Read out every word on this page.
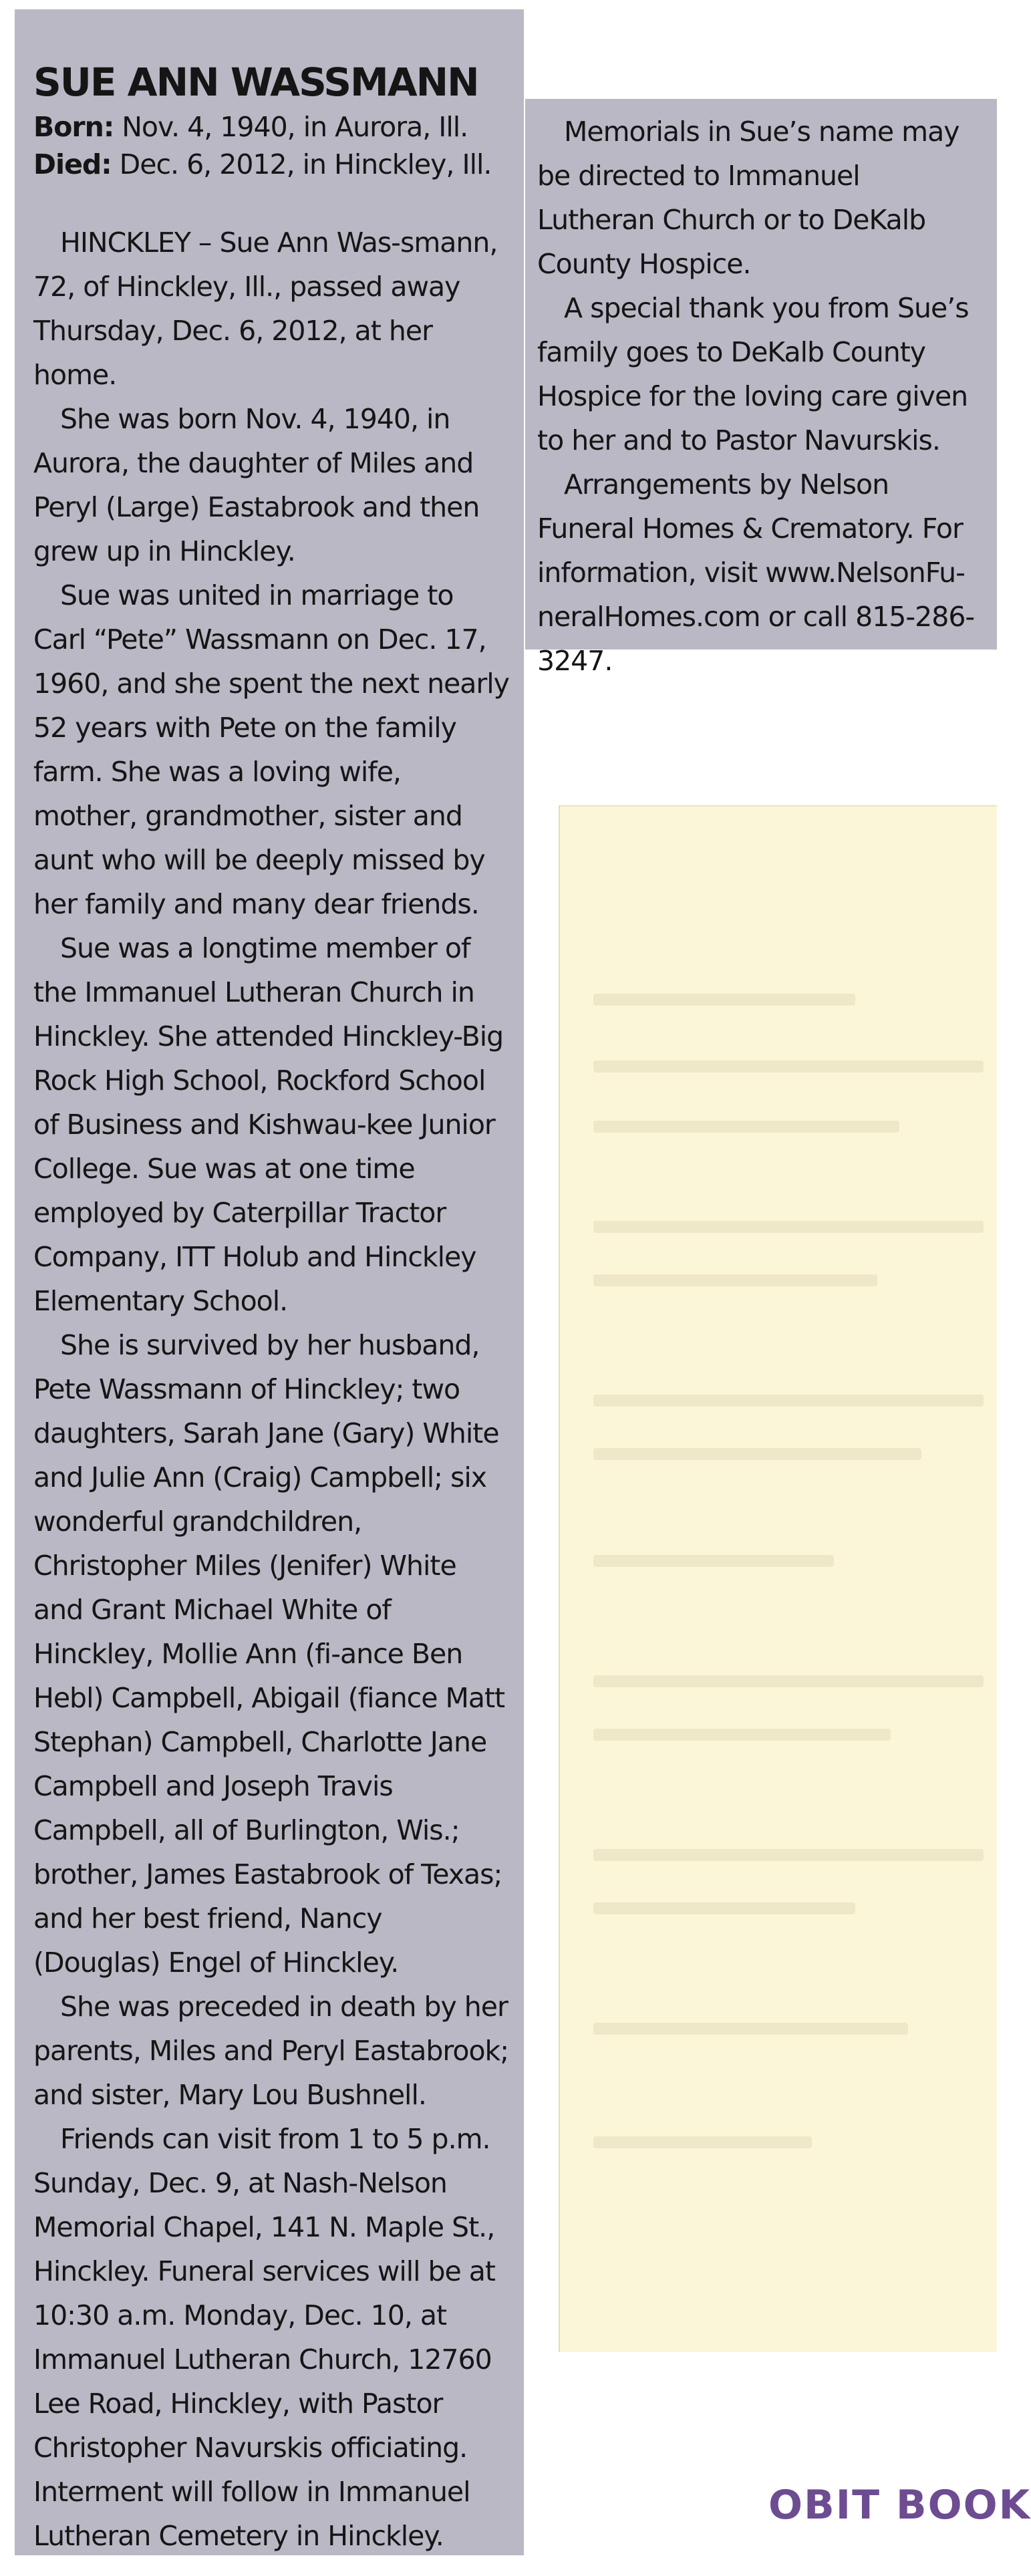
SUE ANN WASSMANN

Born: Nov. 4, 1940, in Aurora, Ill.

Died: Dec. 6, 2012, in Hinckley, Ill.

HINCKLEY – Sue Ann Was-smann, 72, of Hinckley, Ill., passed away Thursday, Dec. 6, 2012, at her home.

She was born Nov. 4, 1940, in Aurora, the daughter of Miles and Peryl (Large) Eastabrook and then grew up in Hinckley.

Sue was united in marriage to Carl “Pete” Wassmann on Dec. 17, 1960, and she spent the next nearly 52 years with Pete on the family farm. She was a loving wife, mother, grandmother, sister and aunt who will be deeply missed by her family and many dear friends.

Sue was a longtime member of the Immanuel Lutheran Church in Hinckley. She attended Hinckley-Big Rock High School, Rockford School of Business and Kishwau-kee Junior College. Sue was at one time employed by Caterpillar Tractor Company, ITT Holub and Hinckley Elementary School.

She is survived by her husband, Pete Wassmann of Hinckley; two daughters, Sarah Jane (Gary) White and Julie Ann (Craig) Campbell; six wonderful grandchildren, Christopher Miles (Jenifer) White and Grant Michael White of Hinckley, Mollie Ann (fi-ance Ben Hebl) Campbell, Abigail (fiance Matt Stephan) Campbell, Charlotte Jane Campbell and Joseph Travis Campbell, all of Burlington, Wis.; brother, James Eastabrook of Texas; and her best friend, Nancy (Douglas) Engel of Hinckley.

She was preceded in death by her parents, Miles and Peryl Eastabrook; and sister, Mary Lou Bushnell.

Friends can visit from 1 to 5 p.m. Sunday, Dec. 9, at Nash-Nelson Memorial Chapel, 141 N. Maple St., Hinckley. Funeral services will be at 10:30 a.m. Monday, Dec. 10, at Immanuel Lutheran Church, 12760 Lee Road, Hinckley, with Pastor Christopher Navurskis officiating. Interment will follow in Immanuel Lutheran Cemetery in Hinckley.

Memorials in Sue’s name may be directed to Immanuel Lutheran Church or to DeKalb County Hospice.

A special thank you from Sue’s family goes to DeKalb County Hospice for the loving care given to her and to Pastor Navurskis.

Arrangements by Nelson Funeral Homes & Crematory. For information, visit www.NelsonFu-neralHomes.com or call 815-286-3247.

OBIT BOOK
